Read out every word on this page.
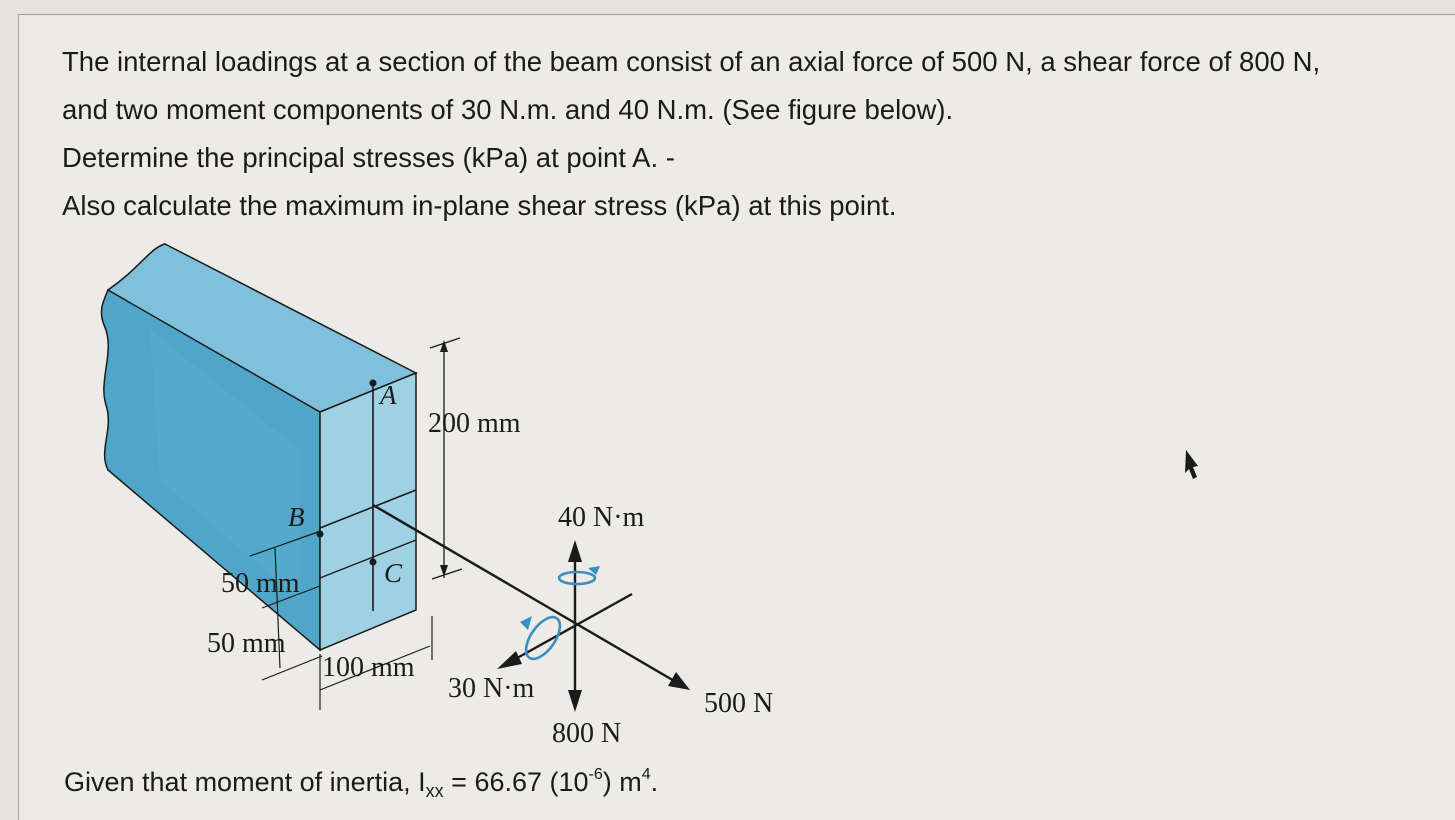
The internal loadings at a section of the beam consist of an axial force of 500 N, a shear force of 800 N,

and two moment components of 30 N.m. and 40 N.m. (See figure below).

Determine the principal stresses (kPa) at point A. -

Also calculate the maximum in-plane shear stress (kPa) at this point.

A
B
C
200 mm
50 mm
50 mm
100 mm
40 N·m
30 N·m	500 N
800 N
Given that moment of inertia, $I_{xx} = 66.67$ $(10^{-6})$ $m^4$.
